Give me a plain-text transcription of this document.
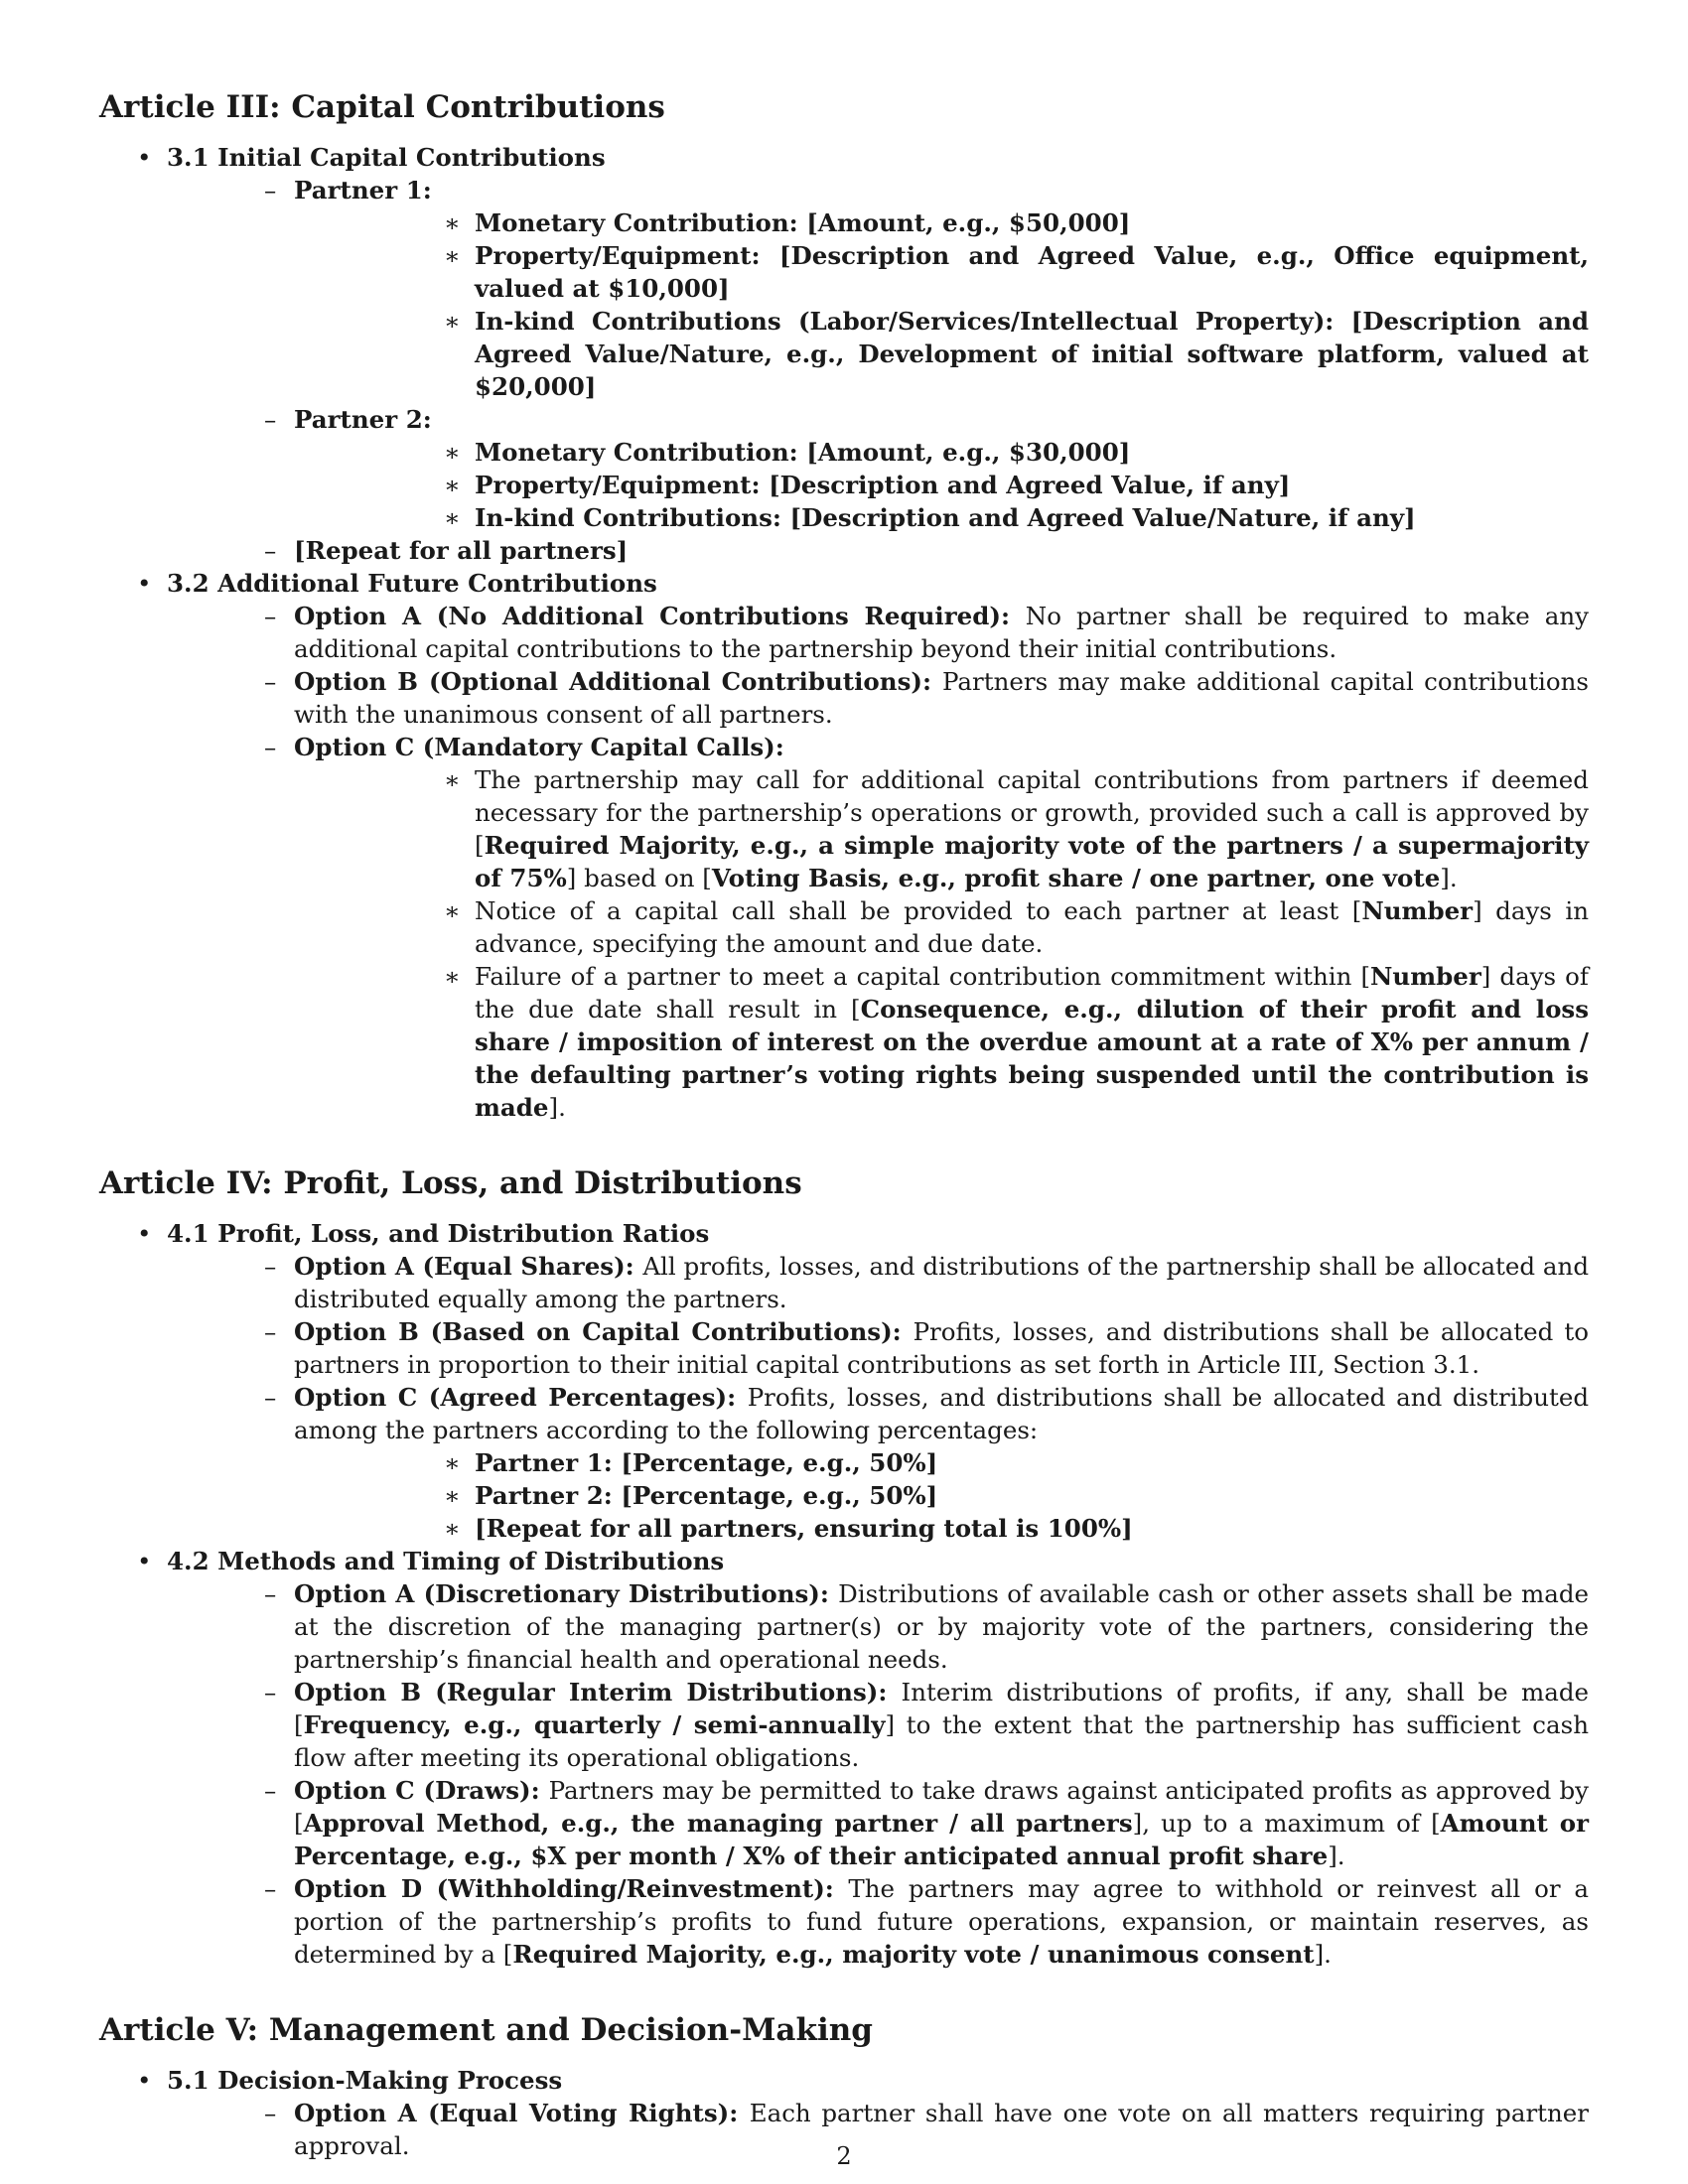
Article III: Capital Contributions
• 3.1 Initial Capital Contributions
– Partner 1:
∗ Monetary Contribution: [Amount, e.g., $50,000]
∗ Property/Equipment: [Description and Agreed Value, e.g., Office equipment, valued at $10,000]
∗ In-kind Contributions (Labor/Services/Intellectual Property): [Description and Agreed Value/Nature, e.g., Development of initial software platform, valued at $20,000]
– Partner 2:
∗ Monetary Contribution: [Amount, e.g., $30,000]
∗ Property/Equipment: [Description and Agreed Value, if any]
∗ In-kind Contributions: [Description and Agreed Value/Nature, if any]
– [Repeat for all partners]
• 3.2 Additional Future Contributions
– Option A (No Additional Contributions Required): No partner shall be required to make any additional capital contributions to the partnership beyond their initial contributions.
– Option B (Optional Additional Contributions): Partners may make additional capital contributions with the unanimous consent of all partners.
– Option C (Mandatory Capital Calls):
∗ The partnership may call for additional capital contributions from partners if deemed necessary for the partnership’s operations or growth, provided such a call is approved by [Required Majority, e.g., a simple majority vote of the partners / a supermajority of 75%] based on [Voting Basis, e.g., profit share / one partner, one vote].
∗ Notice of a capital call shall be provided to each partner at least [Number] days in advance, specifying the amount and due date.
∗ Failure of a partner to meet a capital contribution commitment within [Number] days of the due date shall result in [Consequence, e.g., dilution of their profit and loss share / imposition of interest on the overdue amount at a rate of X% per annum / the defaulting partner’s voting rights being suspended until the contribution is made].
Article IV: Profit, Loss, and Distributions
• 4.1 Profit, Loss, and Distribution Ratios
– Option A (Equal Shares): All profits, losses, and distributions of the partnership shall be allocated and distributed equally among the partners.
– Option B (Based on Capital Contributions): Profits, losses, and distributions shall be allocated to partners in proportion to their initial capital contributions as set forth in Article III, Section 3.1.
– Option C (Agreed Percentages): Profits, losses, and distributions shall be allocated and distributed among the partners according to the following percentages:
∗ Partner 1: [Percentage, e.g., 50%]
∗ Partner 2: [Percentage, e.g., 50%]
∗ [Repeat for all partners, ensuring total is 100%]
• 4.2 Methods and Timing of Distributions
– Option A (Discretionary Distributions): Distributions of available cash or other assets shall be made at the discretion of the managing partner(s) or by majority vote of the partners, considering the partnership’s financial health and operational needs.
– Option B (Regular Interim Distributions): Interim distributions of profits, if any, shall be made [Frequency, e.g., quarterly / semi-annually] to the extent that the partnership has sufficient cash flow after meeting its operational obligations.
– Option C (Draws): Partners may be permitted to take draws against anticipated profits as approved by [Approval Method, e.g., the managing partner / all partners], up to a maximum of [Amount or Percentage, e.g., $X per month / X% of their anticipated annual profit share].
– Option D (Withholding/Reinvestment): The partners may agree to withhold or reinvest all or a portion of the partnership’s profits to fund future operations, expansion, or maintain reserves, as determined by a [Required Majority, e.g., majority vote / unanimous consent].
Article V: Management and Decision-Making
• 5.1 Decision-Making Process
– Option A (Equal Voting Rights): Each partner shall have one vote on all matters requiring partner approval.	2
